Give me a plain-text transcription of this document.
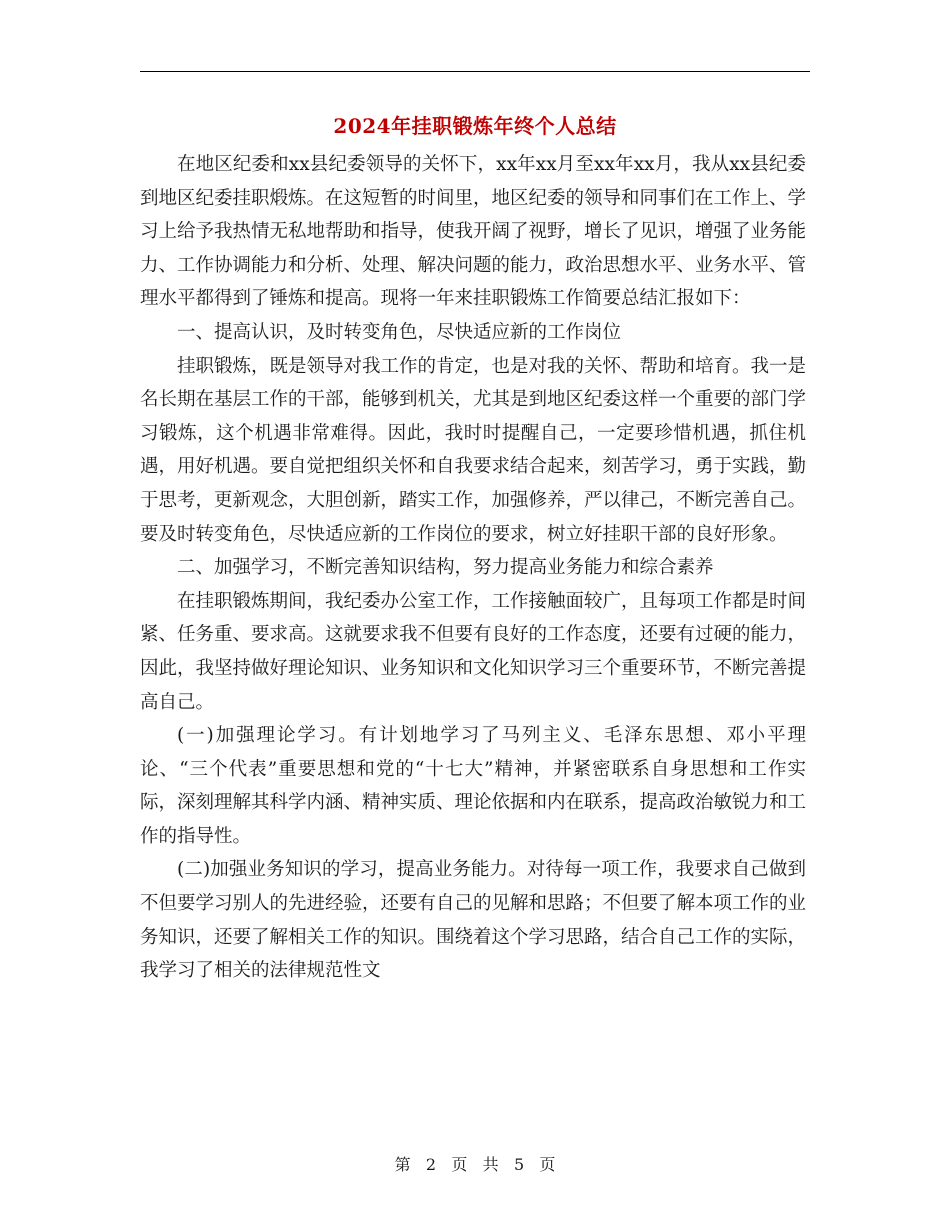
2024年挂职锻炼年终个人总结

在地区纪委和xx县纪委领导的关怀下，xx年xx月至xx年xx月，我从xx县纪委到地区纪委挂职煅炼。在这短暂的时间里，地区纪委的领导和同事们在工作上、学习上给予我热情无私地帮助和指导，使我开阔了视野，增长了见识，增强了业务能力、工作协调能力和分析、处理、解决问题的能力，政治思想水平、业务水平、管理水平都得到了锤炼和提高。现将一年来挂职锻炼工作简要总结汇报如下：

一、提高认识，及时转变角色，尽快适应新的工作岗位

挂职锻炼，既是领导对我工作的肯定，也是对我的关怀、帮助和培育。我一是名长期在基层工作的干部，能够到机关，尤其是到地区纪委这样一个重要的部门学习锻炼，这个机遇非常难得。因此，我时时提醒自己，一定要珍惜机遇，抓住机遇，用好机遇。要自觉把组织关怀和自我要求结合起来，刻苦学习，勇于实践，勤于思考，更新观念，大胆创新，踏实工作，加强修养，严以律己，不断完善自己。要及时转变角色，尽快适应新的工作岗位的要求，树立好挂职干部的良好形象。

二、加强学习，不断完善知识结构，努力提高业务能力和综合素养

在挂职锻炼期间，我纪委办公室工作，工作接触面较广，且每项工作都是时间紧、任务重、要求高。这就要求我不但要有良好的工作态度，还要有过硬的能力，因此，我坚持做好理论知识、业务知识和文化知识学习三个重要环节，不断完善提高自己。

(一)加强理论学习。有计划地学习了马列主义、毛泽东思想、邓小平理论、“三个代表”重要思想和党的“十七大”精神，并紧密联系自身思想和工作实际，深刻理解其科学内涵、精神实质、理论依据和内在联系，提高政治敏锐力和工作的指导性。

(二)加强业务知识的学习，提高业务能力。对待每一项工作，我要求自己做到不但要学习别人的先进经验，还要有自己的见解和思路；不但要了解本项工作的业务知识，还要了解相关工作的知识。围绕着这个学习思路，结合自己工作的实际，我学习了相关的法律规范性文

第 2 页 共 5 页
